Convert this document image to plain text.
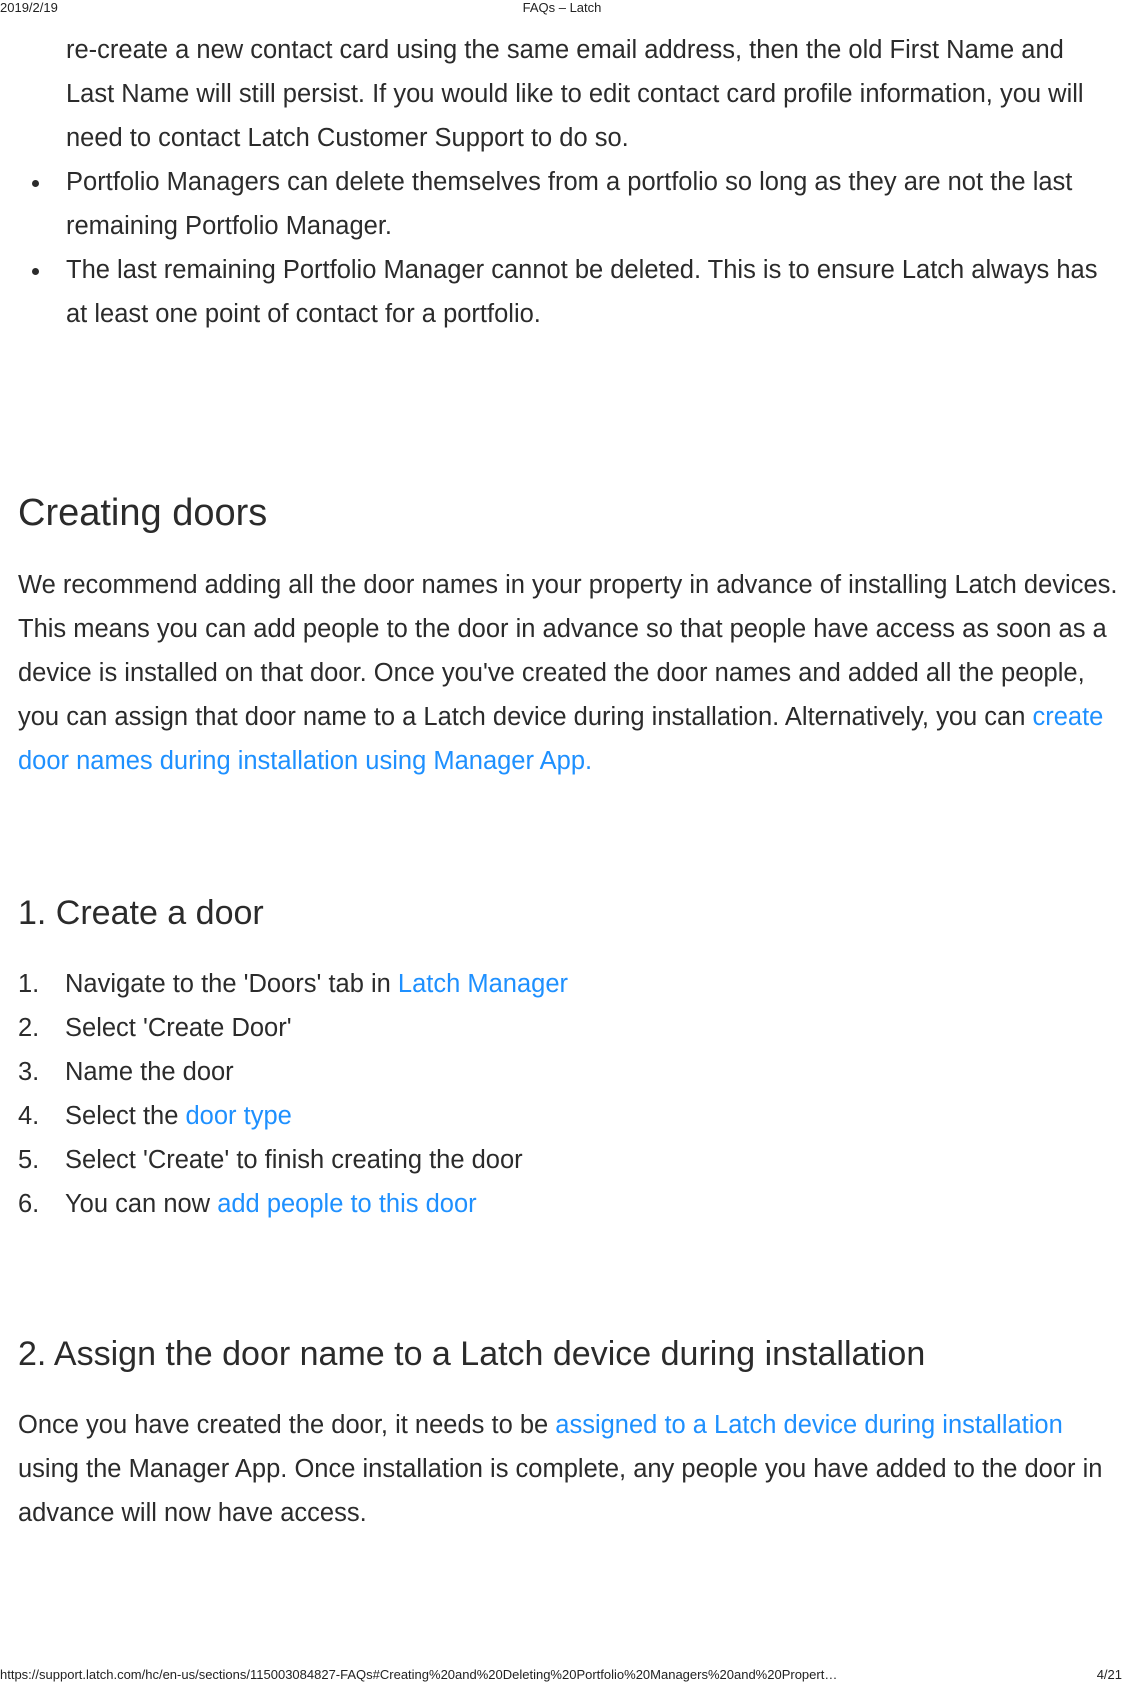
2019/2/19	FAQs – Latch
re-create a new contact card using the same email address, then the old First Name and Last Name will still persist. If you would like to edit contact card profile information, you will need to contact Latch Customer Support to do so.
Portfolio Managers can delete themselves from a portfolio so long as they are not the last remaining Portfolio Manager.
The last remaining Portfolio Manager cannot be deleted. This is to ensure Latch always has at least one point of contact for a portfolio.
Creating doors

We recommend adding all the door names in your property in advance of installing Latch devices. This means you can add people to the door in advance so that people have access as soon as a device is installed on that door. Once you've created the door names and added all the people, you can assign that door name to a Latch device during installation. Alternatively, you can create door names during installation using Manager App.

1. Create a door
1. Navigate to the 'Doors' tab in Latch Manager
2. Select 'Create Door'
3. Name the door
4. Select the door type
5. Select 'Create' to finish creating the door
6. You can now add people to this door
2. Assign the door name to a Latch device during installation

Once you have created the door, it needs to be assigned to a Latch device during installation using the Manager App. Once installation is complete, any people you have added to the door in advance will now have access.

https://support.latch.com/hc/en-us/sections/115003084827-FAQs#Creating%20and%20Deleting%20Portfolio%20Managers%20and%20Propert…	4/21
